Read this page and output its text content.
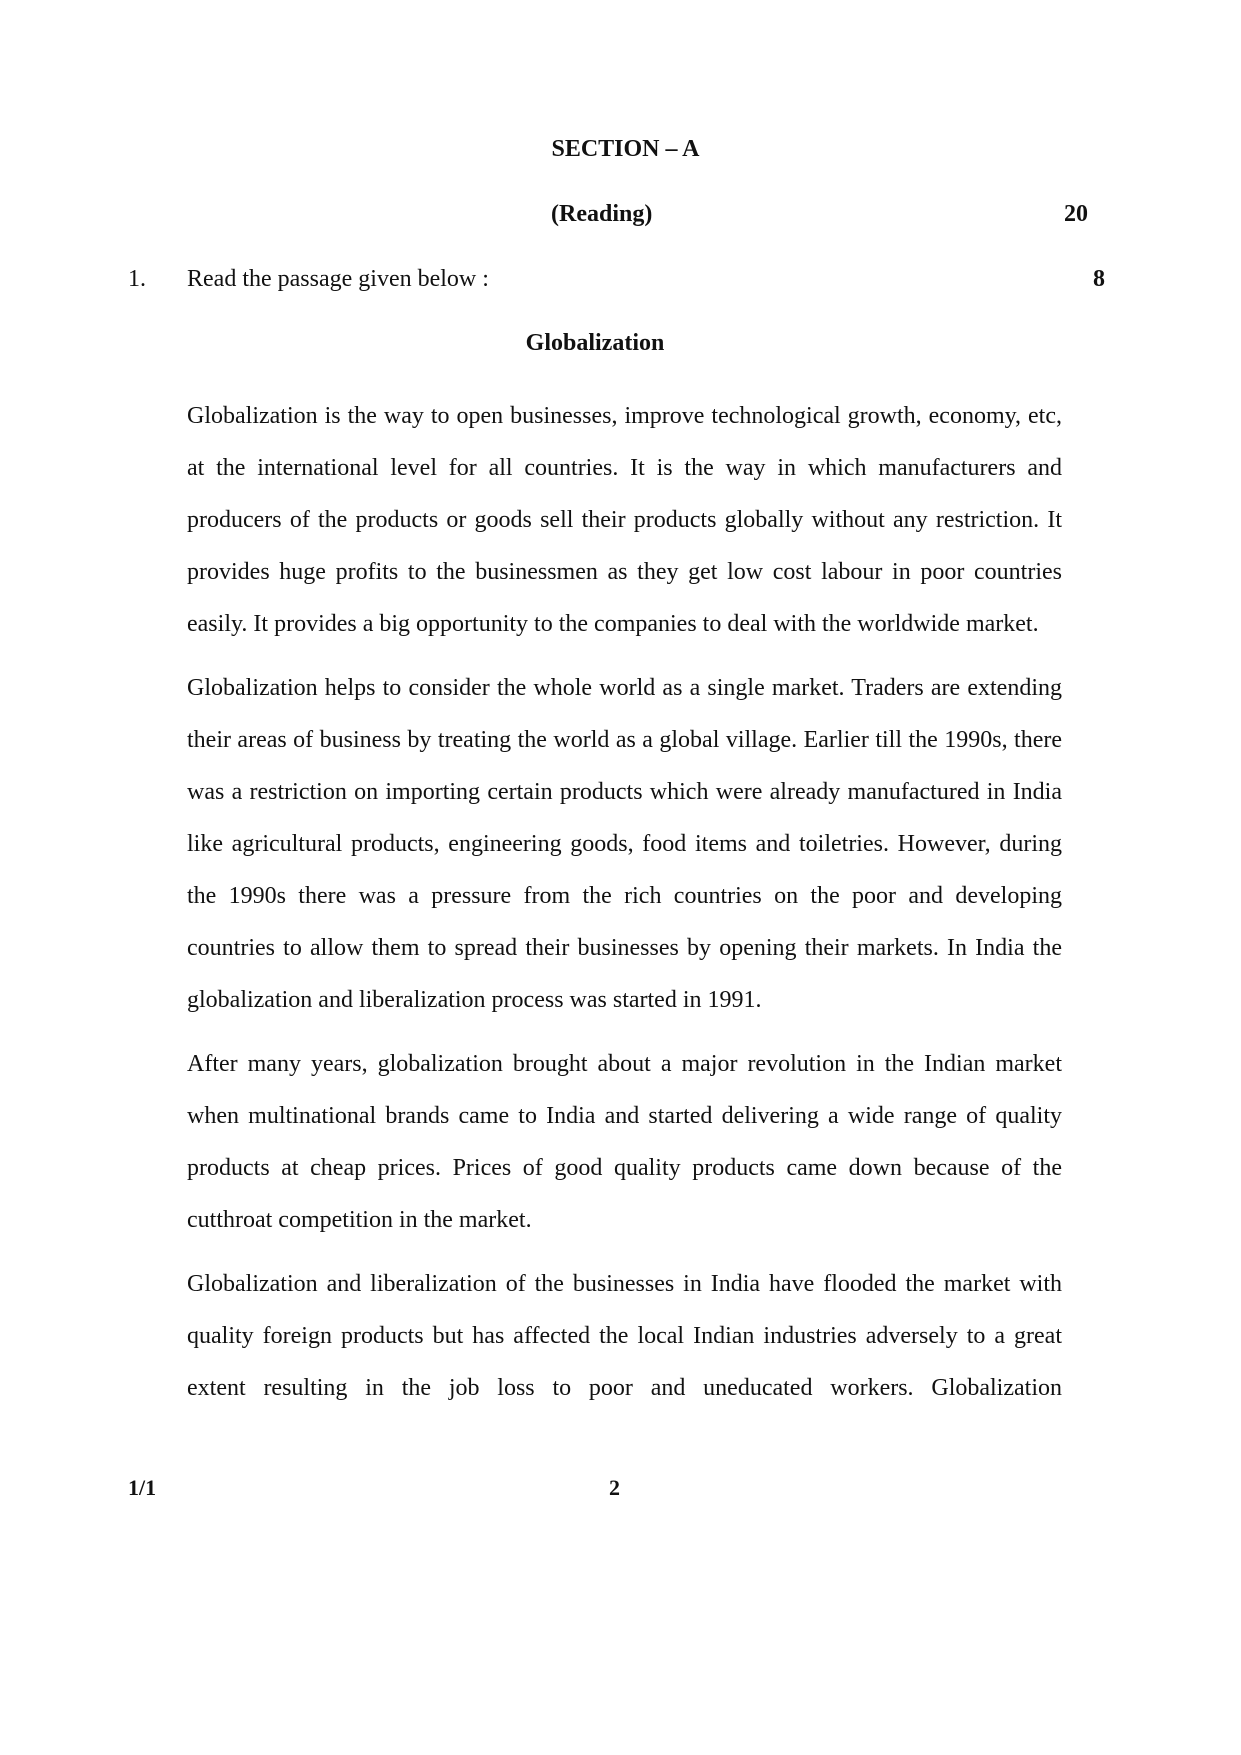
SECTION – A
(Reading)	20
1. Read the passage given below :	8
Globalization

Globalization is the way to open businesses, improve technological growth, economy, etc, at the international level for all countries. It is the way in which manufacturers and producers of the products or goods sell their products globally without any restriction. It provides huge profits to the businessmen as they get low cost labour in poor countries easily. It provides a big opportunity to the companies to deal with the worldwide market.

Globalization helps to consider the whole world as a single market. Traders are extending their areas of business by treating the world as a global village. Earlier till the 1990s, there was a restriction on importing certain products which were already manufactured in India like agricultural products, engineering goods, food items and toiletries. However, during the 1990s there was a pressure from the rich countries on the poor and developing countries to allow them to spread their businesses by opening their markets. In India the globalization and liberalization process was started in 1991.

After many years, globalization brought about a major revolution in the Indian market when multinational brands came to India and started delivering a wide range of quality products at cheap prices. Prices of good quality products came down because of the cutthroat competition in the market.

Globalization and liberalization of the businesses in India have flooded the market with quality foreign products but has affected the local Indian industries adversely to a great extent resulting in the job loss to poor and uneducated workers. Globalization

1/1	2
